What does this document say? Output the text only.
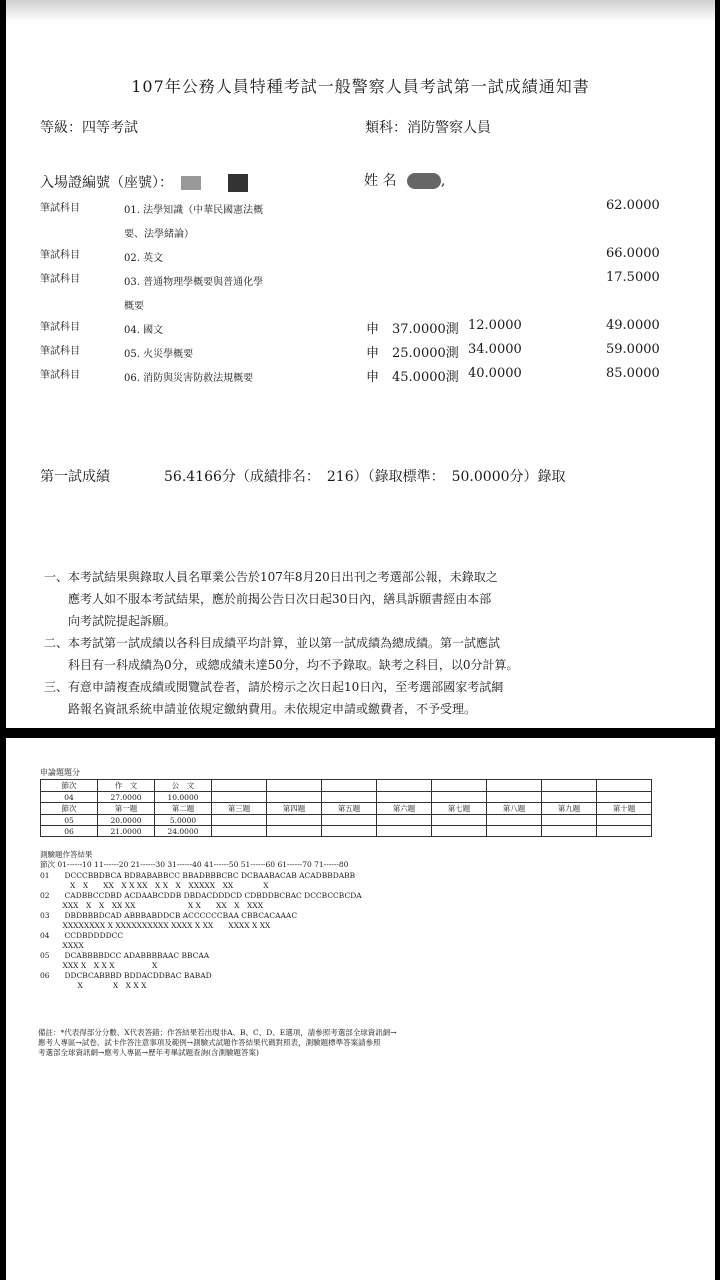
107年公務人員特種考試一般警察人員考試第一試成績通知書
等級：四等考試	類科：消防警察人員
入場證編號（座號）：	姓 名	,
筆試科目	01. 法學知識（中華民國憲法概
要、法學緒論）
62.0000
筆試科目	02. 英文	66.0000
筆試科目	03. 普通物理學概要與普通化學
概要
17.5000
筆試科目	04. 國文	申　37.0000測 12.0000	49.0000
筆試科目	05. 火災學概要	申　25.0000測 34.0000	59.0000
筆試科目	06. 消防與災害防救法規概要	申　45.0000測 40.0000	85.0000
第一試成績	56.4166分（成績排名：　216）（錄取標準：　50.0000分）錄取
一、本考試結果與錄取人員名單業公告於107年8月20日出刊之考選部公報，未錄取之
應考人如不服本考試結果，應於前揭公告日次日起30日內，繕具訴願書經由本部
向考試院提起訴願。
二、本考試第一試成績以各科目成績平均計算，並以第一試成績為總成績。第一試應試
科目有一科成績為0分，或總成績未達50分，均不予錄取。缺考之科目，以0分計算。
三、有意申請複查成績或閱覽試卷者，請於榜示之次日起10日內，至考選部國家考試網
路報名資訊系統申請並依規定繳納費用。未依規定申請或繳費者，不予受理。
申論題題分
節次	作　文	公　文								
04	27.0000	10.0000								
節次	第一題	第二題	第三題	第四題	第五題	第六題	第七題	第八題	第九題	第十題
05	20.0000	5.0000								
06	21.0000	24.0000								
測驗題作答結果
節次 01------10 11------20 21------30 31------40 41------50 51------60 61------70 71------80
01　　DCCCBBDBCA BDBABABBCC BBADBBBCBC DCBAABACAB ACADBBDABB
　　　　X　X　　XX　X X XX　X X　X　XXXXX　XX　　　　X
02　　CADBBCCDBD ACDAABCDDB DBDACDDDCD CDBDDBCBAC DCCBCCBCDA
　　　XXX　X　X　XX XX　　　　　　　X X　　XX　X　XXX
03　　DBDBBBDCAD ABBBABDDCB ACCCCCCBAA CBBCACAAAC
　　　XXXXXXXX X XXXXXXXXXX XXXX X XX　　XXXX X XX
04　　CCDBDDDDCC
　　　XXXX
05　　DCABBBBDCC ADABBBBAAC BBCAA
　　　XXX X　X X X　　　　　X
06　　DDCBCABBBD BDDACDDBAC BABAD
　　　　　X　　　　X　X X X
備註：*代表得部分分數、X代表答錯；作答結果若出現非A、B、C、D、E選項，請參照考選部全球資訊網→
應考人專區→試卷、試卡作答注意事項及範例→測驗式試題作答結果代碼對照表，測驗題標準答案請參照
考選部全球資訊網→應考人專區→歷年考畢試題查詢(含測驗題答案)
